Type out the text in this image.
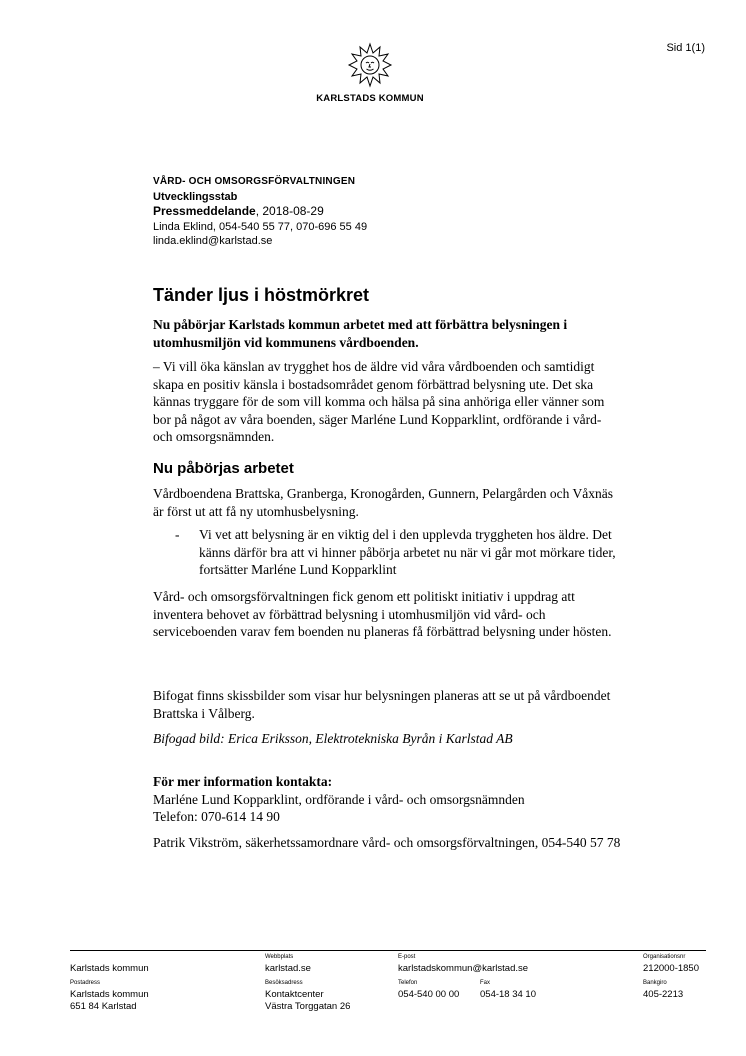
Sid 1(1)
KARLSTADS KOMMUN
VÅRD- OCH OMSORGSFÖRVALTNINGEN
Utvecklingsstab
Pressmeddelande, 2018-08-29
Linda Eklind, 054-540 55 77, 070-696 55 49
linda.eklind@karlstad.se
Tänder ljus i höstmörkret
Nu påbörjar Karlstads kommun arbetet med att förbättra belysningen i utomhusmiljön vid kommunens vårdboenden.
– Vi vill öka känslan av trygghet hos de äldre vid våra vårdboenden och samtidigt skapa en positiv känsla i bostadsområdet genom förbättrad belysning ute. Det ska kännas tryggare för de som vill komma och hälsa på sina anhöriga eller vänner som bor på något av våra boenden, säger Marléne Lund Kopparklint, ordförande i vård- och omsorgsnämnden.
Nu påbörjas arbetet
Vårdboendena Brattska, Granberga, Kronogården, Gunnern, Pelargården och Våxnäs är först ut att få ny utomhusbelysning.
- Vi vet att belysning är en viktig del i den upplevda tryggheten hos äldre. Det känns därför bra att vi hinner påbörja arbetet nu när vi går mot mörkare tider, fortsätter Marléne Lund Kopparklint
Vård- och omsorgsförvaltningen fick genom ett politiskt initiativ i uppdrag att inventera behovet av förbättrad belysning i utomhusmiljön vid vård- och serviceboenden varav fem boenden nu planeras få förbättrad belysning under hösten.
Bifogat finns skissbilder som visar hur belysningen planeras att se ut på vårdboendet Brattska i Vålberg.
Bifogad bild: Erica Eriksson, Elektrotekniska Byrån i Karlstad AB
För mer information kontakta:
Marléne Lund Kopparklint, ordförande i vård- och omsorgsnämnden
Telefon: 070-614 14 90
Patrik Vikström, säkerhetssamordnare vård- och omsorgsförvaltningen, 054-540 57 78
Karlstads kommun
Webbplats
karlstad.se
E-post
karlstadskommun@karlstad.se
Organisationsnr
212000-1850
Postadress
Karlstads kommun
651 84 Karlstad
Besöksadress
Kontaktcenter
Västra Torggatan 26
Telefon
054-540 00 00
Fax
054-18 34 10
Bankgiro
405-2213
